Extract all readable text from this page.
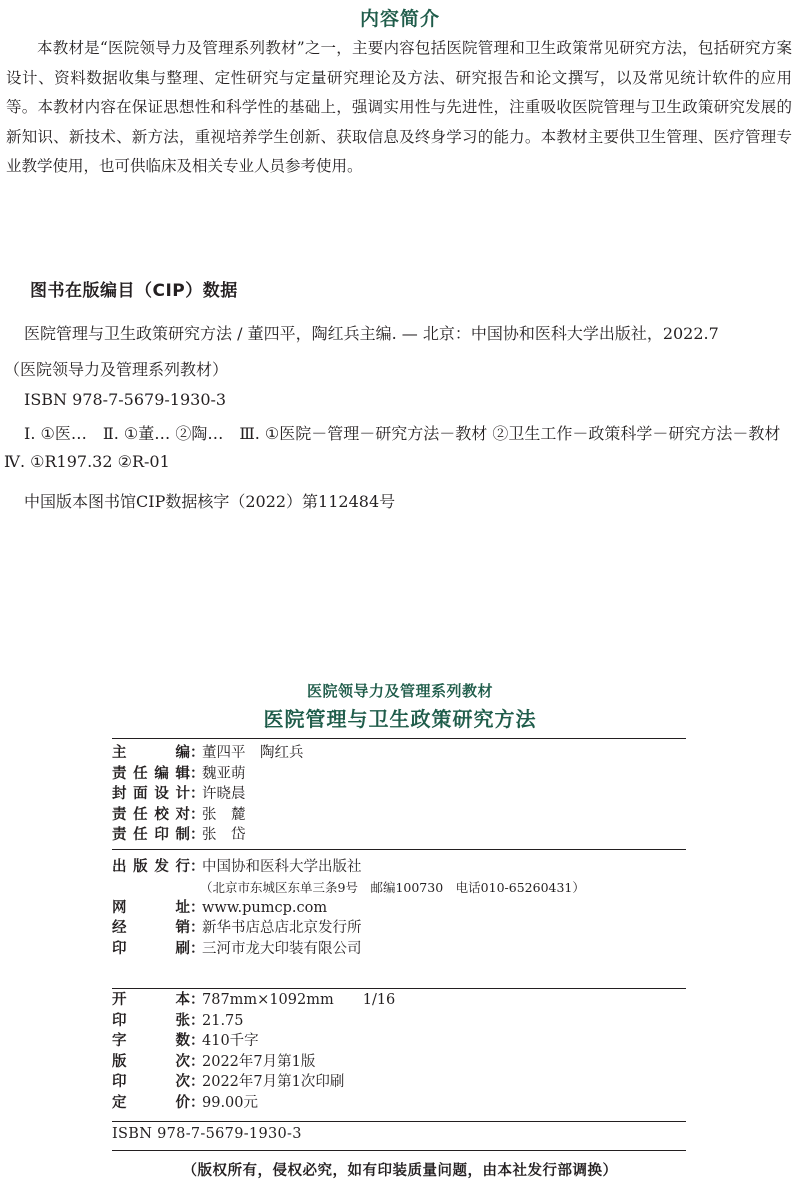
内容简介

本教材是“医院领导力及管理系列教材”之一，主要内容包括医院管理和卫生政策常见研究方法，包括研究方案设计、资料数据收集与整理、定性研究与定量研究理论及方法、研究报告和论文撰写，以及常见统计软件的应用等。本教材内容在保证思想性和科学性的基础上，强调实用性与先进性，注重吸收医院管理与卫生政策研究发展的新知识、新技术、新方法，重视培养学生创新、获取信息及终身学习的能力。本教材主要供卫生管理、医疗管理专业教学使用，也可供临床及相关专业人员参考使用。

图书在版编目（CIP）数据

医院管理与卫生政策研究方法 / 董四平，陶红兵主编. — 北京：中国协和医科大学出版社，2022.7

（医院领导力及管理系列教材）

ISBN 978-7-5679-1930-3

Ⅰ. ①医…　Ⅱ. ①董… ②陶…　Ⅲ. ①医院－管理－研究方法－教材 ②卫生工作－政策科学－研究方法－教材　Ⅳ. ①R197.32 ②R-01

中国版本图书馆CIP数据核字（2022）第112484号

医院领导力及管理系列教材
医院管理与卫生政策研究方法
主	编 ：
董四平　陶红兵
责 任 编 辑 ：
魏亚萌
封 面 设 计 ：
许晓晨
责 任 校 对 ：
张　麓
责 任 印 制 ：
张　岱
出 版 发 行 ：
中国协和医科大学出版社
（北京市东城区东单三条9号　邮编100730　电话010-65260431）
网	址 ：
www.pumcp.com
经	销 ：
新华书店总店北京发行所
印	刷 ：
三河市龙大印装有限公司
开	本 ：
787mm×1092mm　　1/16
印	张 ：
21.75
字	数 ：
410千字
版	次 ：
2022年7月第1版
印	次 ：
2022年7月第1次印刷
定	价 ：
99.00元
ISBN 978-7-5679-1930-3
（版权所有，侵权必究，如有印装质量问题，由本社发行部调换）
